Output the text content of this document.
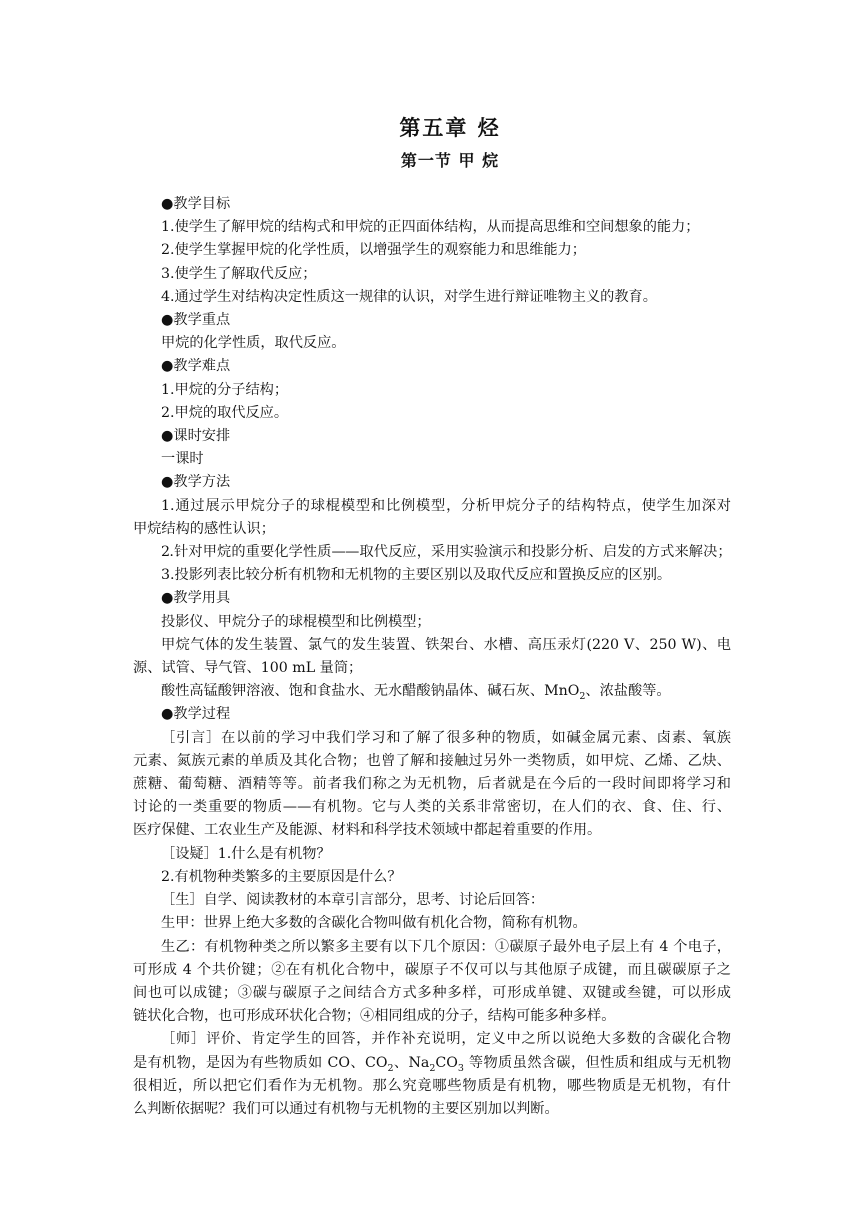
第五章 烃
第一节 甲 烷
●教学目标
1.使学生了解甲烷的结构式和甲烷的正四面体结构，从而提高思维和空间想象的能力；
2.使学生掌握甲烷的化学性质，以增强学生的观察能力和思维能力；
3.使学生了解取代反应；
4.通过学生对结构决定性质这一规律的认识，对学生进行辩证唯物主义的教育。
●教学重点
甲烷的化学性质，取代反应。
●教学难点
1.甲烷的分子结构；
2.甲烷的取代反应。
●课时安排
一课时
●教学方法
1.通过展示甲烷分子的球棍模型和比例模型，分析甲烷分子的结构特点，使学生加深对
甲烷结构的感性认识；
2.针对甲烷的重要化学性质——取代反应，采用实验演示和投影分析、启发的方式来解决；
3.投影列表比较分析有机物和无机物的主要区别以及取代反应和置换反应的区别。
●教学用具
投影仪、甲烷分子的球棍模型和比例模型；
甲烷气体的发生装置、氯气的发生装置、铁架台、水槽、高压汞灯(220 V、250 W)、电
源、试管、导气管、100 mL 量筒；
酸性高锰酸钾溶液、饱和食盐水、无水醋酸钠晶体、碱石灰、MnO$_2$、浓盐酸等。
●教学过程
［引言］在以前的学习中我们学习和了解了很多种的物质，如碱金属元素、卤素、氧族
元素、氮族元素的单质及其化合物；也曾了解和接触过另外一类物质，如甲烷、乙烯、乙炔、
蔗糖、葡萄糖、酒精等等。前者我们称之为无机物，后者就是在今后的一段时间即将学习和
讨论的一类重要的物质——有机物。它与人类的关系非常密切，在人们的衣、食、住、行、
医疗保健、工农业生产及能源、材料和科学技术领域中都起着重要的作用。
［设疑］1.什么是有机物？
2.有机物种类繁多的主要原因是什么？
［生］自学、阅读教材的本章引言部分，思考、讨论后回答：
生甲：世界上绝大多数的含碳化合物叫做有机化合物，简称有机物。
生乙：有机物种类之所以繁多主要有以下几个原因：①碳原子最外电子层上有 4 个电子，
可形成 4 个共价键；②在有机化合物中，碳原子不仅可以与其他原子成键，而且碳碳原子之
间也可以成键；③碳与碳原子之间结合方式多种多样，可形成单键、双键或叁键，可以形成
链状化合物，也可形成环状化合物；④相同组成的分子，结构可能多种多样。
［师］评价、肯定学生的回答，并作补充说明，定义中之所以说绝大多数的含碳化合物
是有机物，是因为有些物质如 CO、$CO_2$、$Na_2CO_3$ 等物质虽然含碳，但性质和组成与无机物
很相近，所以把它们看作为无机物。那么究竟哪些物质是有机物，哪些物质是无机物，有什
么判断依据呢？我们可以通过有机物与无机物的主要区别加以判断。
